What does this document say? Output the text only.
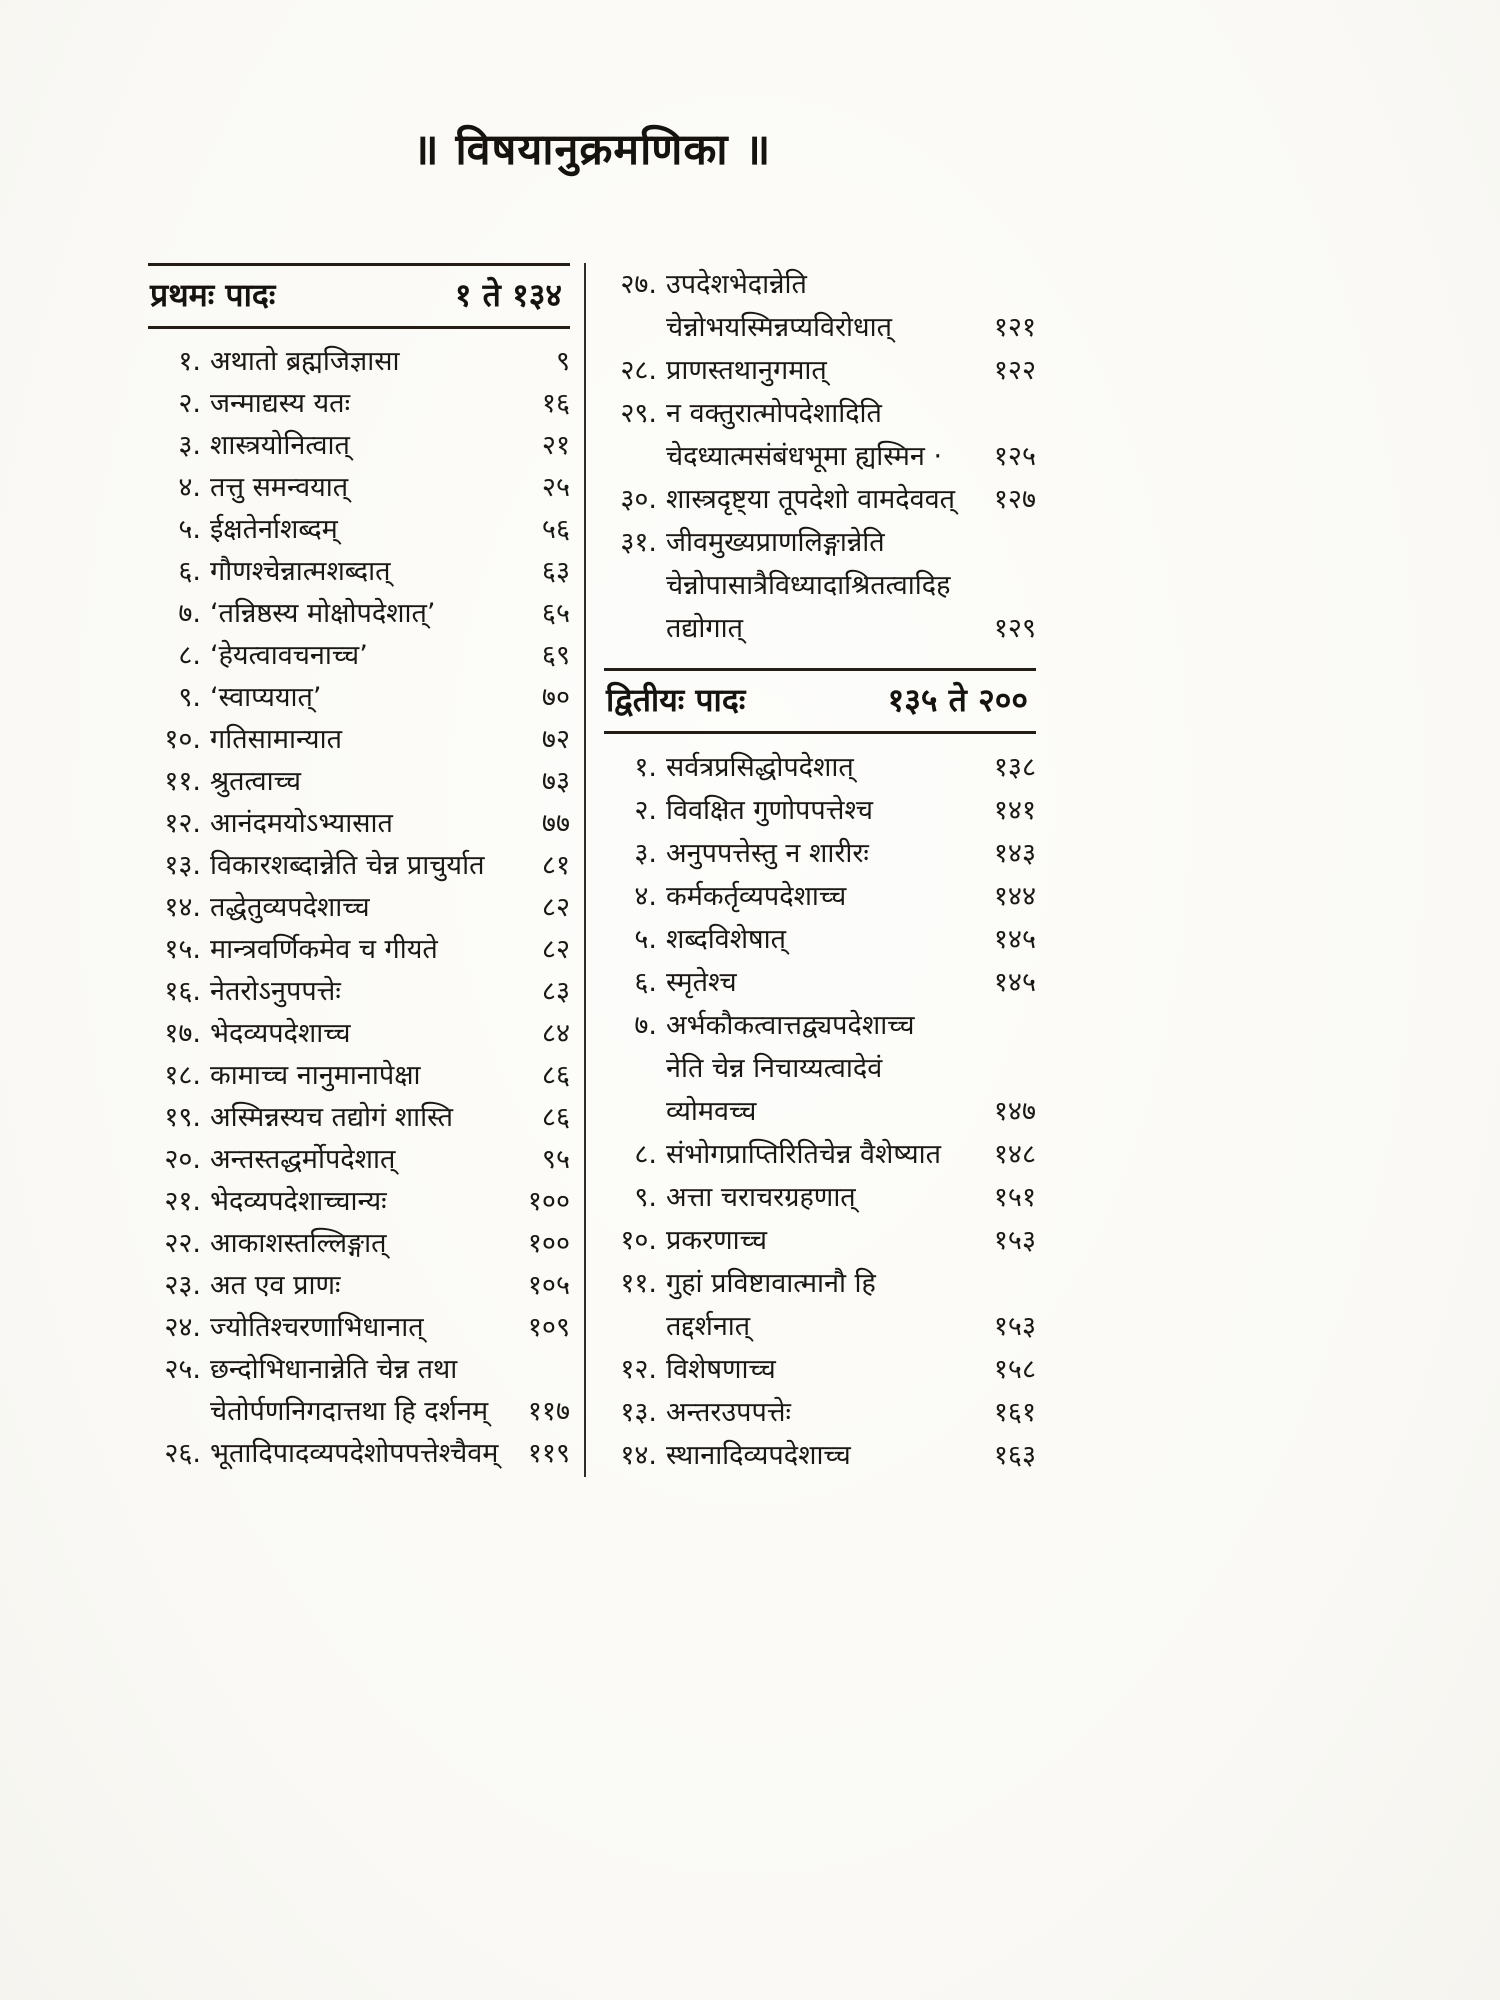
॥ विषयानुक्रमणिका ॥
प्रथमः पादः	१ ते १३४
१. अथातो ब्रह्मजिज्ञासा	९
२. जन्माद्यस्य यतः	१६
३. शास्त्रयोनित्वात्	२१
४. तत्तु समन्वयात्	२५
५. ईक्षतेर्नाशब्दम्	५६
६. गौणश्चेन्नात्मशब्दात्	६३
७. ‘तन्निष्ठस्य मोक्षोपदेशात्’	६५
८. ‘हेयत्वावचनाच्च’	६९
९. ‘स्वाप्ययात्’	७०
१०. गतिसामान्यात	७२
११. श्रुतत्वाच्च	७३
१२. आनंदमयोऽभ्यासात	७७
१३. विकारशब्दान्नेति चेन्न प्राचुर्यात	८१
१४. तद्धेतुव्यपदेशाच्च	८२
१५. मान्त्रवर्णिकमेव च गीयते	८२
१६. नेतरोऽनुपपत्तेः	८३
१७. भेदव्यपदेशाच्च	८४
१८. कामाच्च नानुमानापेक्षा	८६
१९. अस्मिन्नस्यच तद्योगं शास्ति	८६
२०. अन्तस्तद्धर्मोपदेशात्	९५
२१. भेदव्यपदेशाच्चान्यः	१००
२२. आकाशस्तल्लिङ्गात्	१००
२३. अत एव प्राणः	१०५
२४. ज्योतिश्चरणाभिधानात्	१०९
२५. छन्दोभिधानान्नेति चेन्न तथा
चेतोर्पणनिगदात्तथा हि दर्शनम्	११७
२६. भूतादिपादव्यपदेशोपपत्तेश्चैवम्	११९
२७. उपदेशभेदान्नेति
चेन्नोभयस्मिन्नप्यविरोधात्	१२१
२८. प्राणस्तथानुगमात्	१२२
२९. न वक्तुरात्मोपदेशादिति
चेदध्यात्मसंबंधभूमा ह्यस्मिन ·	१२५
३०. शास्त्रदृष्ट्या तूपदेशो वामदेववत्	१२७
३१. जीवमुख्यप्राणलिङ्गान्नेति
चेन्नोपासात्रैविध्यादाश्रितत्वादिह
तद्योगात्	१२९
द्वितीयः पादः	१३५ ते २००
१. सर्वत्रप्रसिद्धोपदेशात्	१३८
२. विवक्षित गुणोपपत्तेश्च	१४१
३. अनुपपत्तेस्तु न शारीरः	१४३
४. कर्मकर्तृव्यपदेशाच्च	१४४
५. शब्दविशेषात्	१४५
६. स्मृतेश्च	१४५
७. अर्भकौकत्वात्तद्व्यपदेशाच्च
नेति चेन्न निचाय्यत्वादेवं
व्योमवच्च	१४७
८. संभोगप्राप्तिरितिचेन्न वैशेष्यात	१४८
९. अत्ता चराचरग्रहणात्	१५१
१०. प्रकरणाच्च	१५३
११. गुहां प्रविष्टावात्मानौ हि
तद्दर्शनात्	१५३
१२. विशेषणाच्च	१५८
१३. अन्तरउपपत्तेः	१६१
१४. स्थानादिव्यपदेशाच्च	१६३
